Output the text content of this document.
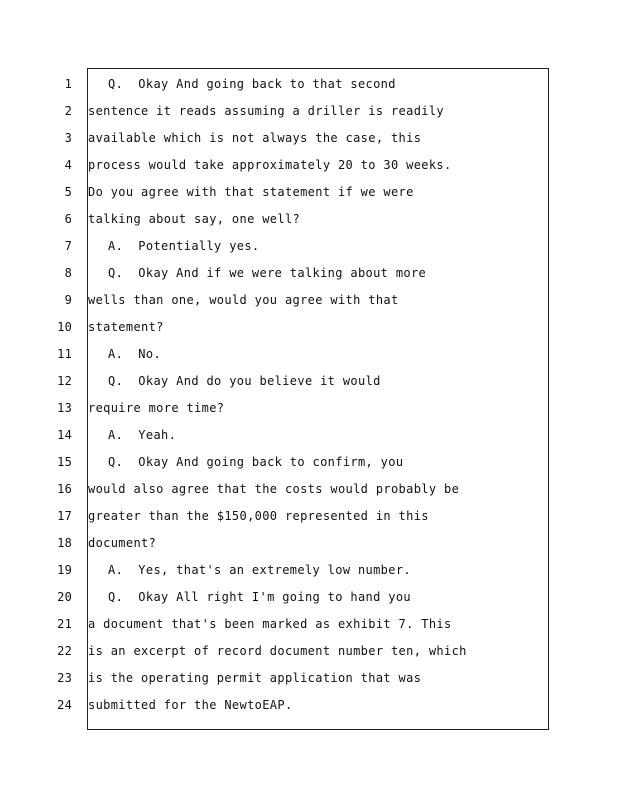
1	Q.  Okay And going back to that second
2 sentence it reads assuming a driller is readily
3 available which is not always the case, this
4 process would take approximately 20 to 30 weeks.
5 Do you agree with that statement if we were
6 talking about say, one well?
7	A.  Potentially yes.
8	Q.  Okay And if we were talking about more
9 wells than one, would you agree with that
10 statement?
11	A.  No.
12	Q.  Okay And do you believe it would
13 require more time?
14	A.  Yeah.
15	Q.  Okay And going back to confirm, you
16 would also agree that the costs would probably be
17 greater than the $150,000 represented in this
18 document?
19	A.  Yes, that's an extremely low number.
20	Q.  Okay All right I'm going to hand you
21 a document that's been marked as exhibit 7. This
22 is an excerpt of record document number ten, which
23 is the operating permit application that was
24 submitted for the NewtoEAP.
